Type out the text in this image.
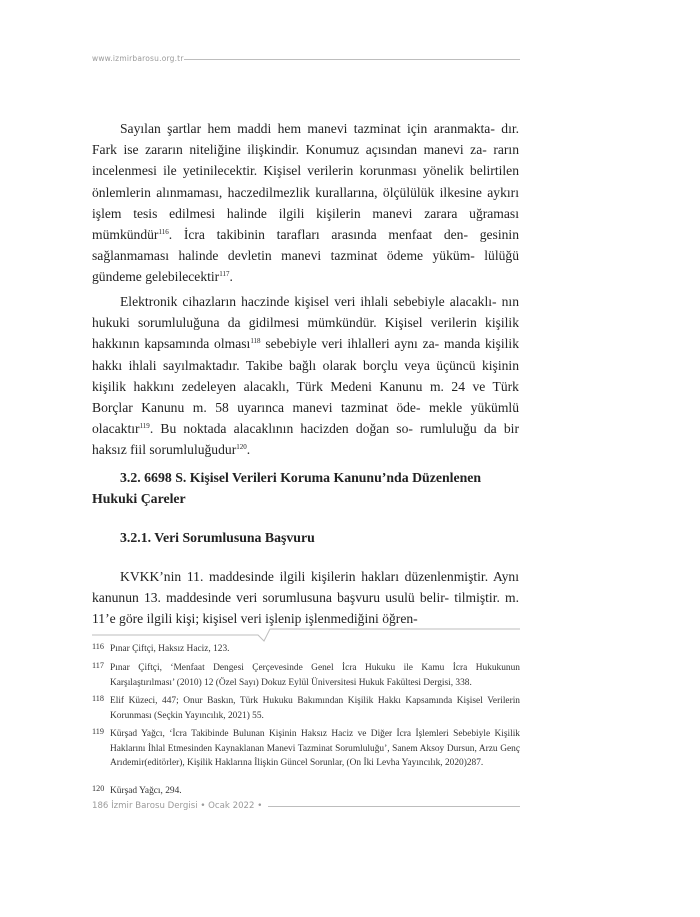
www.izmirbarosu.org.tr

Sayılan şartlar hem maddi hem manevi tazminat için aranmakta- dır. Fark ise zararın niteliğine ilişkindir. Konumuz açısından manevi za- rarın incelenmesi ile yetinilecektir. Kişisel verilerin korunması yönelik belirtilen önlemlerin alınmaması, haczedilmezlik kurallarına, ölçülülük ilkesine aykırı işlem tesis edilmesi halinde ilgili kişilerin manevi zarara uğraması mümkündür$^{116}$. İcra takibinin tarafları arasında menfaat den- gesinin sağlanmaması halinde devletin manevi tazminat ödeme yüküm- lülüğü gündeme gelebilecektir$^{117}$.

Elektronik cihazların haczinde kişisel veri ihlali sebebiyle alacaklı- nın hukuki sorumluluğuna da gidilmesi mümkündür. Kişisel verilerin kişilik hakkının kapsamında olması$^{118}$ sebebiyle veri ihlalleri aynı za- manda kişilik hakkı ihlali sayılmaktadır. Takibe bağlı olarak borçlu veya üçüncü kişinin kişilik hakkını zedeleyen alacaklı, Türk Medeni Kanunu m. 24 ve Türk Borçlar Kanunu m. 58 uyarınca manevi tazminat öde- mekle yükümlü olacaktır$^{119}$. Bu noktada alacaklının hacizden doğan so- rumluluğu da bir haksız fiil sorumluluğudur$^{120}$.

3.2. 6698 S. Kişisel Verileri Koruma Kanunu’nda Düzenlenen
Hukuki Çareler
3.2.1. Veri Sorumlusuna Başvuru

KVKK’nin 11. maddesinde ilgili kişilerin hakları düzenlenmiştir. Aynı kanunun 13. maddesinde veri sorumlusuna başvuru usulü belir- tilmiştir. m. 11’e göre ilgili kişi; kişisel veri işlenip işlenmediğini öğren-

116 Pınar Çiftçi, Haksız Haciz, 123.
117 Pınar Çiftçi, ‘Menfaat Dengesi Çerçevesinde Genel İcra Hukuku ile Kamu İcra Hukukunun Karşılaştırılması’ (2010) 12 (Özel Sayı) Dokuz Eylül Üniversitesi Hukuk Fakültesi Dergisi, 338.
118 Elif Küzeci, 447; Onur Baskın, Türk Hukuku Bakımından Kişilik Hakkı Kapsamında Kişisel Verilerin Korunması (Seçkin Yayıncılık, 2021) 55.
119 Kürşad Yağcı, ‘İcra Takibinde Bulunan Kişinin Haksız Haciz ve Diğer İcra İşlemleri Sebebiyle Kişilik Haklarını İhlal Etmesinden Kaynaklanan Manevi Tazminat Sorumluluğu’, Sanem Aksoy Dursun, Arzu Genç Arıdemir(editörler), Kişilik Haklarına İlişkin Güncel Sorunlar, (On İki Levha Yayıncılık, 2020)287.
120 Kürşad Yağcı, 294.
186 İzmir Barosu Dergisi • Ocak 2022 •
